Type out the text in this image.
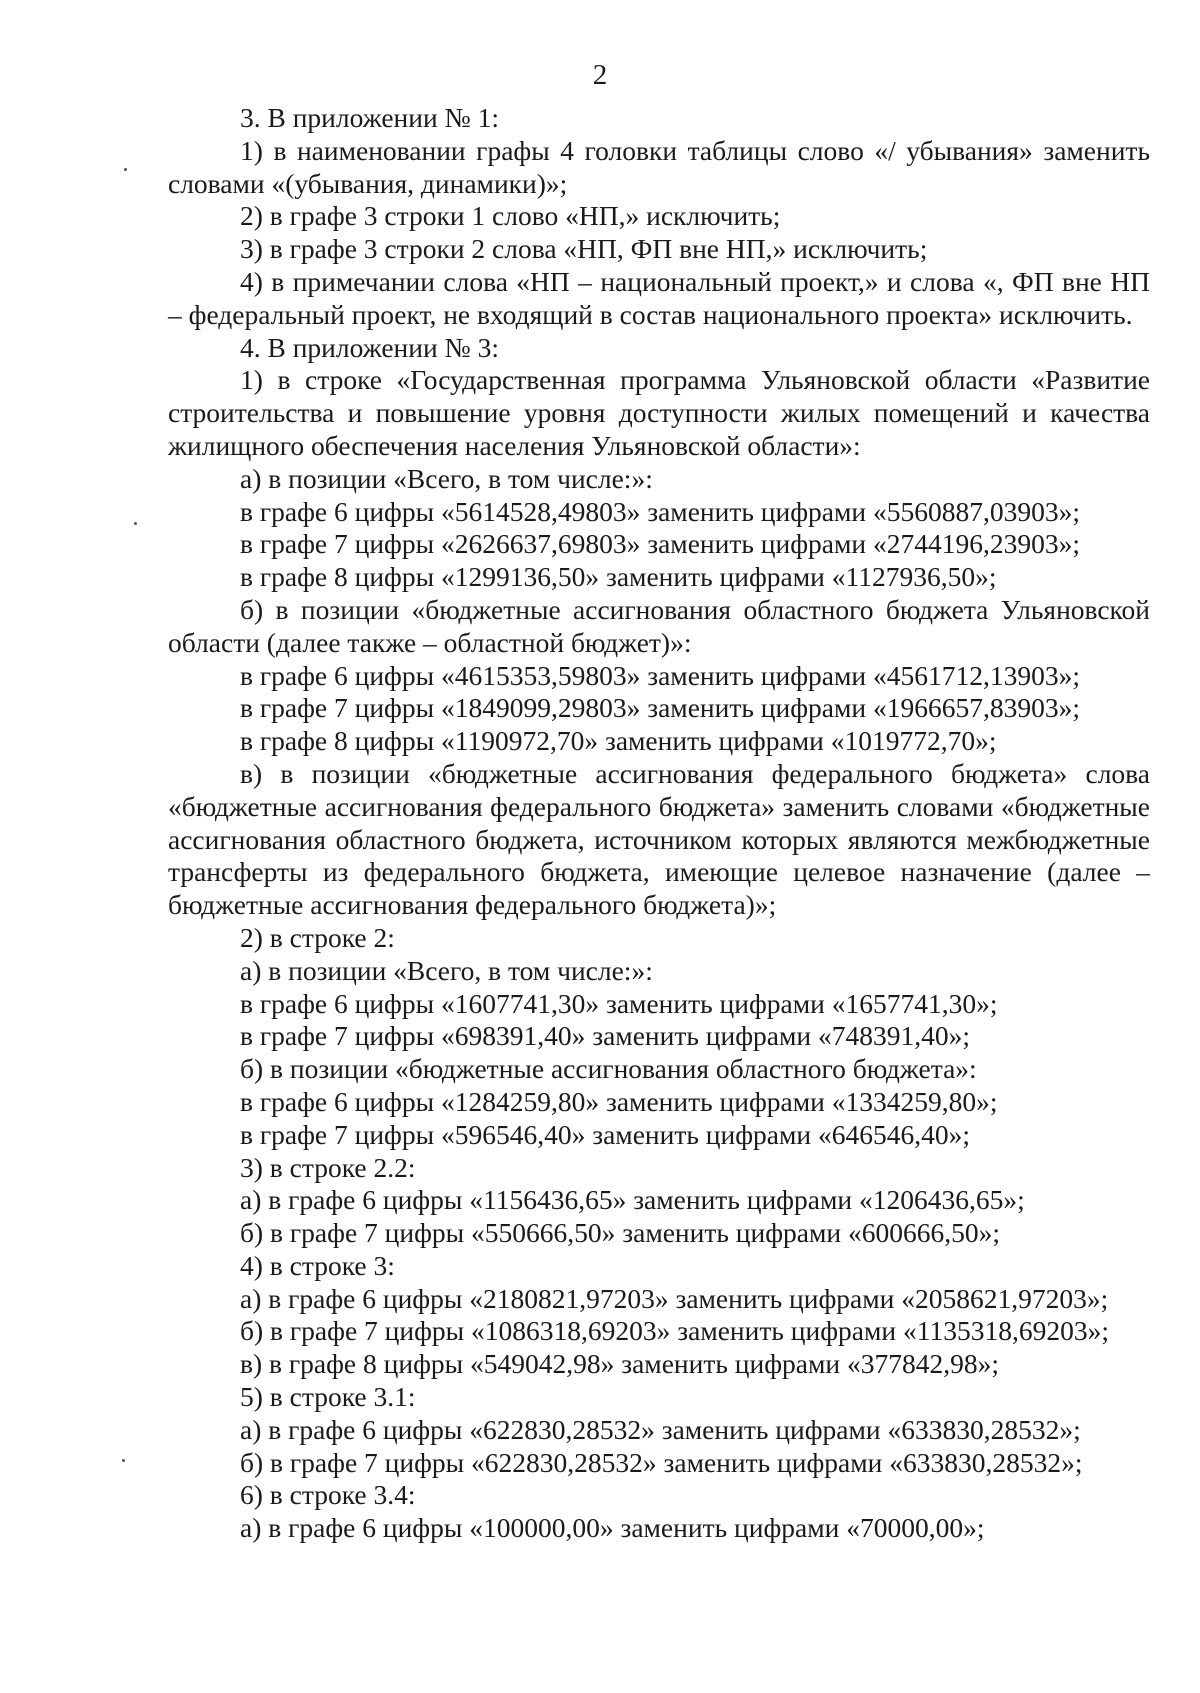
2

3. В приложении № 1:

1) в наименовании графы 4 головки таблицы слово «/ убывания» заменить словами «(убывания, динамики)»;

2) в графе 3 строки 1 слово «НП,» исключить;

3) в графе 3 строки 2 слова «НП, ФП вне НП,» исключить;

4) в примечании слова «НП – национальный проект,» и слова «, ФП вне НП – федеральный проект, не входящий в состав национального проекта» исключить.

4. В приложении № 3:

1) в строке «Государственная программа Ульяновской области «Развитие строительства и повышение уровня доступности жилых помещений и качества жилищного обеспечения населения Ульяновской области»:

а) в позиции «Всего, в том числе:»:

в графе 6 цифры «5614528,49803» заменить цифрами «5560887,03903»;

в графе 7 цифры «2626637,69803» заменить цифрами «2744196,23903»;

в графе 8 цифры «1299136,50» заменить цифрами «1127936,50»;

б) в позиции «бюджетные ассигнования областного бюджета Ульяновской области (далее также – областной бюджет)»:

в графе 6 цифры «4615353,59803» заменить цифрами «4561712,13903»;

в графе 7 цифры «1849099,29803» заменить цифрами «1966657,83903»;

в графе 8 цифры «1190972,70» заменить цифрами «1019772,70»;

в) в позиции «бюджетные ассигнования федерального бюджета» слова «бюджетные ассигнования федерального бюджета» заменить словами «бюджетные ассигнования областного бюджета, источником которых являются межбюджетные трансферты из федерального бюджета, имеющие целевое назначение (далее – бюджетные ассигнования федерального бюджета)»;

2) в строке 2:

а) в позиции «Всего, в том числе:»:

в графе 6 цифры «1607741,30» заменить цифрами «1657741,30»;

в графе 7 цифры «698391,40» заменить цифрами «748391,40»;

б) в позиции «бюджетные ассигнования областного бюджета»:

в графе 6 цифры «1284259,80» заменить цифрами «1334259,80»;

в графе 7 цифры «596546,40» заменить цифрами «646546,40»;

3) в строке 2.2:

а) в графе 6 цифры «1156436,65» заменить цифрами «1206436,65»;

б) в графе 7 цифры «550666,50» заменить цифрами «600666,50»;

4) в строке 3:

а) в графе 6 цифры «2180821,97203» заменить цифрами «2058621,97203»;

б) в графе 7 цифры «1086318,69203» заменить цифрами «1135318,69203»;

в) в графе 8 цифры «549042,98» заменить цифрами «377842,98»;

5) в строке 3.1:

а) в графе 6 цифры «622830,28532» заменить цифрами «633830,28532»;

б) в графе 7 цифры «622830,28532» заменить цифрами «633830,28532»;

6) в строке 3.4:

а) в графе 6 цифры «100000,00» заменить цифрами «70000,00»;
